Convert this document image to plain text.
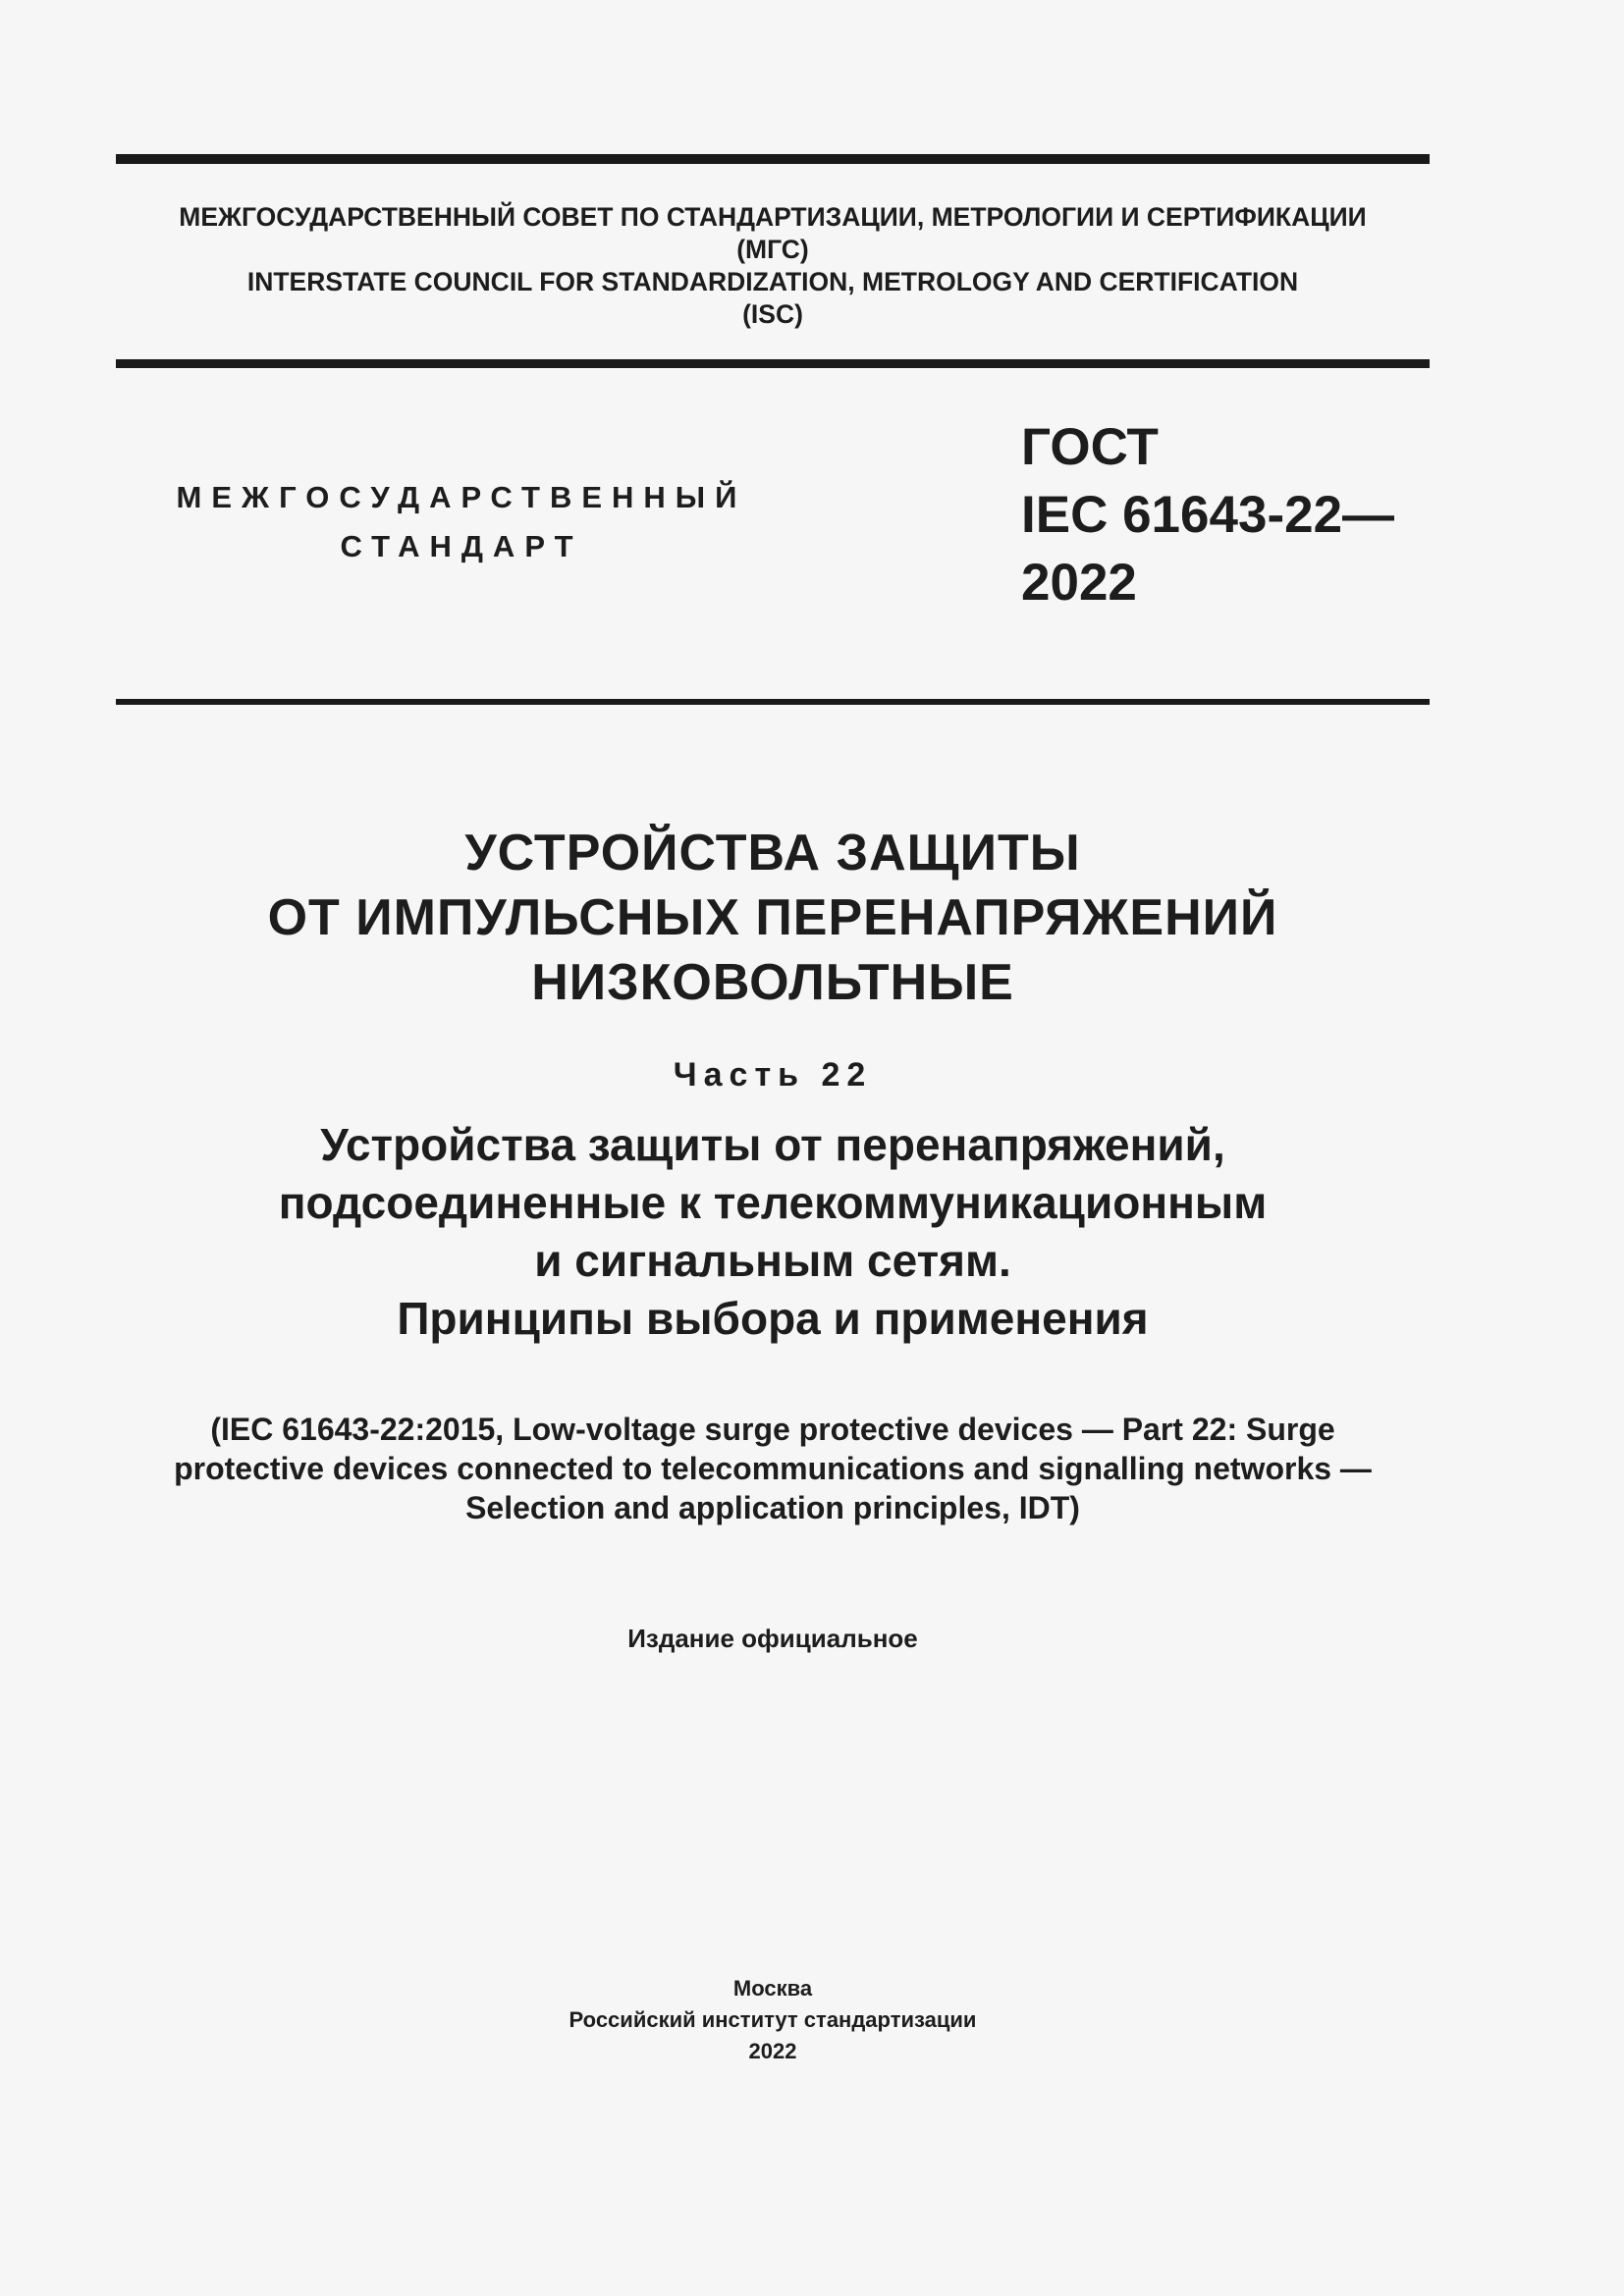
МЕЖГОСУДАРСТВЕННЫЙ СОВЕТ ПО СТАНДАРТИЗАЦИИ, МЕТРОЛОГИИ И СЕРТИФИКАЦИИ
(МГС)
INTERSTATE COUNCIL FOR STANDARDIZATION, METROLOGY AND CERTIFICATION
(ISC)
МЕЖГОСУДАРСТВЕННЫЙ
СТАНДАРТ
ГОСТ
IEC 61643-22—
2022
УСТРОЙСТВА ЗАЩИТЫ
ОТ ИМПУЛЬСНЫХ ПЕРЕНАПРЯЖЕНИЙ
НИЗКОВОЛЬТНЫЕ
Часть 22
Устройства защиты от перенапряжений,
подсоединенные к телекоммуникационным
и сигнальным сетям.
Принципы выбора и применения
(IEC 61643-22:2015, Low-voltage surge protective devices — Part 22: Surge
protective devices connected to telecommunications and signalling networks —
Selection and application principles, IDT)
Издание официальное
Москва
Российский институт стандартизации
2022
